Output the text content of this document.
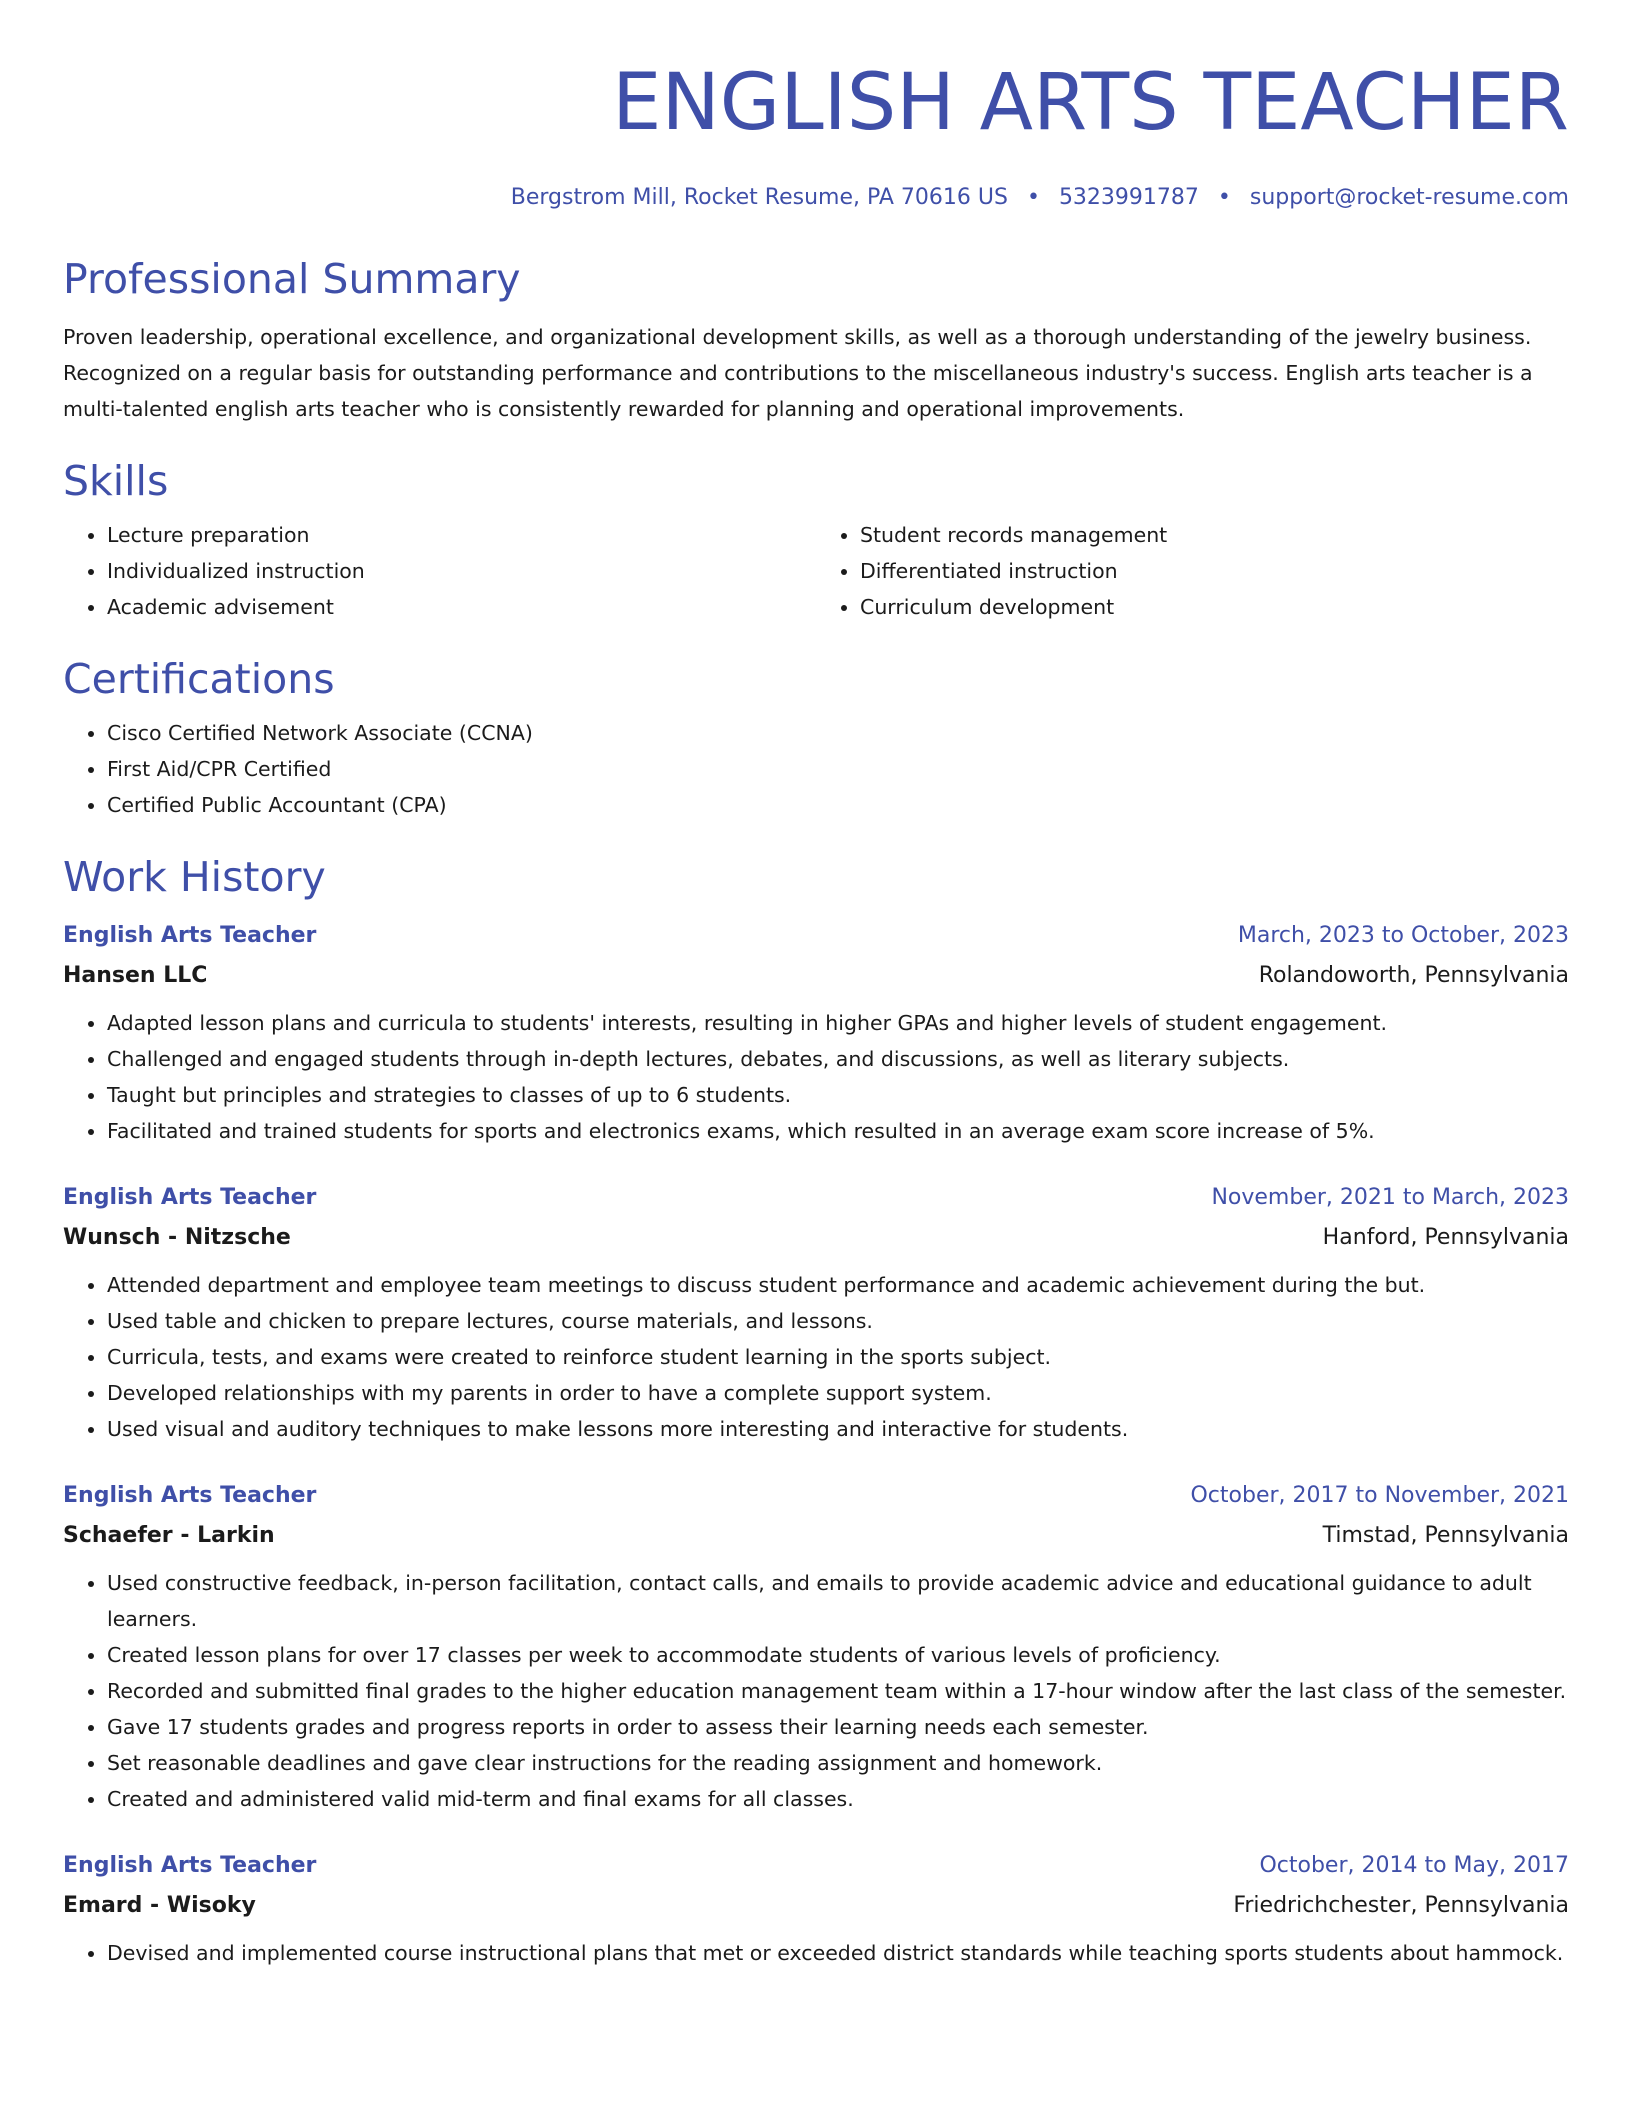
ENGLISH ARTS TEACHER
Bergstrom Mill, Rocket Resume, PA 70616 US • 5323991787 • support@rocket-resume.com
Professional Summary

Proven leadership, operational excellence, and organizational development skills, as well as a thorough understanding of the jewelry business. Recognized on a regular basis for outstanding performance and contributions to the miscellaneous industry's success. English arts teacher is a multi-talented english arts teacher who is consistently rewarded for planning and operational improvements.

Skills
• Lecture preparation
• Individualized instruction
• Academic advisement
• Student records management
• Differentiated instruction
• Curriculum development
Certifications
• Cisco Certified Network Associate (CCNA)
• First Aid/CPR Certified
• Certified Public Accountant (CPA)
Work History
English Arts Teacher	March, 2023 to October, 2023
Hansen LLC	Rolandoworth, Pennsylvania
• Adapted lesson plans and curricula to students' interests, resulting in higher GPAs and higher levels of student engagement.
• Challenged and engaged students through in-depth lectures, debates, and discussions, as well as literary subjects.
• Taught but principles and strategies to classes of up to 6 students.
• Facilitated and trained students for sports and electronics exams, which resulted in an average exam score increase of 5%.
English Arts Teacher	November, 2021 to March, 2023
Wunsch - Nitzsche	Hanford, Pennsylvania
• Attended department and employee team meetings to discuss student performance and academic achievement during the but.
• Used table and chicken to prepare lectures, course materials, and lessons.
• Curricula, tests, and exams were created to reinforce student learning in the sports subject.
• Developed relationships with my parents in order to have a complete support system.
• Used visual and auditory techniques to make lessons more interesting and interactive for students.
English Arts Teacher	October, 2017 to November, 2021
Schaefer - Larkin	Timstad, Pennsylvania
• Used constructive feedback, in-person facilitation, contact calls, and emails to provide academic advice and educational guidance to adult learners.
• Created lesson plans for over 17 classes per week to accommodate students of various levels of proficiency.
• Recorded and submitted final grades to the higher education management team within a 17-hour window after the last class of the semester.
• Gave 17 students grades and progress reports in order to assess their learning needs each semester.
• Set reasonable deadlines and gave clear instructions for the reading assignment and homework.
• Created and administered valid mid-term and final exams for all classes.
English Arts Teacher	October, 2014 to May, 2017
Emard - Wisoky	Friedrichchester, Pennsylvania
• Devised and implemented course instructional plans that met or exceeded district standards while teaching sports students about hammock.
